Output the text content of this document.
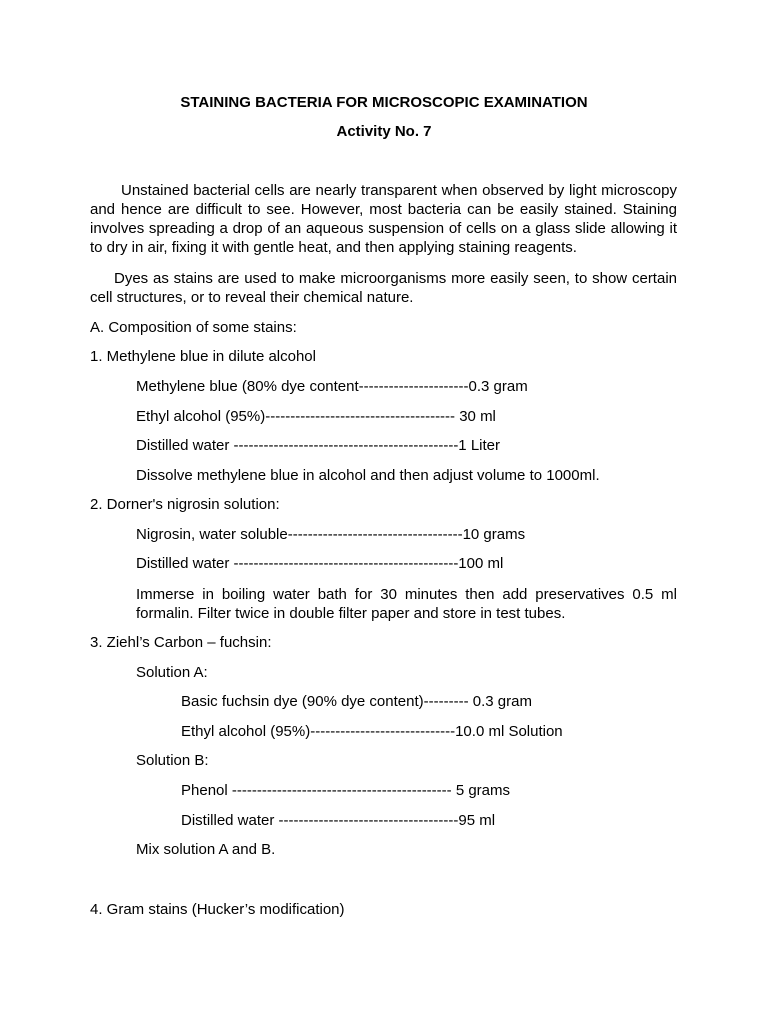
STAINING BACTERIA FOR MICROSCOPIC EXAMINATION
Activity No. 7
Unstained bacterial cells are nearly transparent when observed by light microscopy and hence are difficult to see. However, most bacteria can be easily stained. Staining involves spreading a drop of an aqueous suspension of cells on a glass slide allowing it to dry in air, fixing it with gentle heat, and then applying staining reagents.
Dyes as stains are used to make microorganisms more easily seen, to show certain cell structures, or to reveal their chemical nature.
A. Composition of some stains:
1. Methylene blue in dilute alcohol
Methylene blue (80% dye content----------------------0.3 gram
Ethyl alcohol (95%)-------------------------------------- 30 ml
Distilled water ---------------------------------------------1 Liter
Dissolve methylene blue in alcohol and then adjust volume to 1000ml.
2. Dorner's nigrosin solution:
Nigrosin, water soluble-----------------------------------10 grams
Distilled water ---------------------------------------------100 ml
Immerse in boiling water bath for 30 minutes then add preservatives 0.5 ml formalin. Filter twice in double filter paper and store in test tubes.
3. Ziehl’s Carbon – fuchsin:
Solution A:
Basic fuchsin dye (90% dye content)--------- 0.3 gram
Ethyl alcohol (95%)-----------------------------10.0 ml Solution
Solution B:
Phenol -------------------------------------------- 5 grams
Distilled water ------------------------------------95 ml
Mix solution A and B.
4. Gram stains (Hucker’s modification)
